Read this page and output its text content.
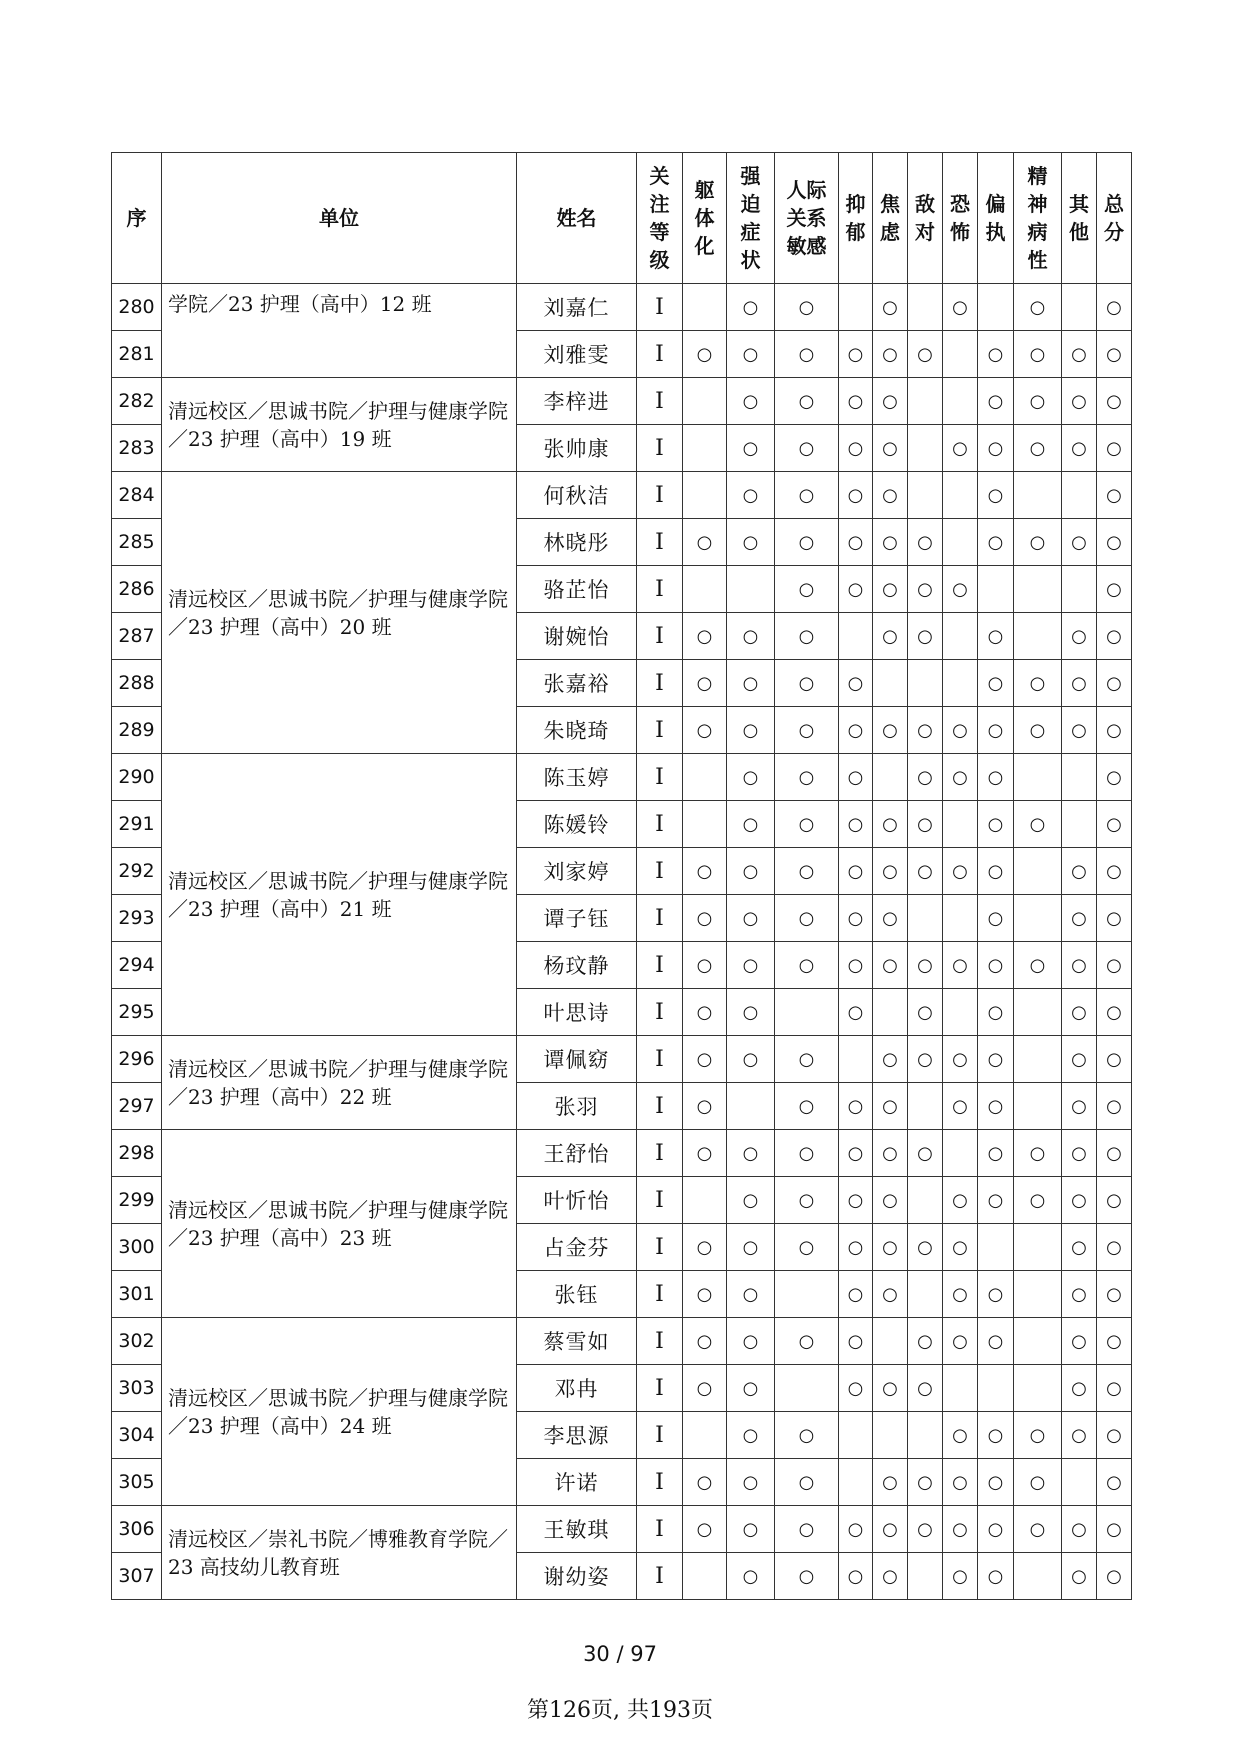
序	单位	姓名	关
注
等
级	躯
体
化	强
迫
症
状	人际
关系
敏感	抑
郁	焦
虑	敌
对	恐
怖	偏
执	精
神
病
性	其
他	总
分

280	学院／23 护理（高中）12 班	刘嘉仁	Ⅰ		○	○		○		○		○		○
281		刘雅雯	Ⅰ	○	○	○	○	○	○		○	○	○	○
282	清远校区／思诚书院／护理与健康学院／23 护理（高中）19 班	李梓进	Ⅰ		○	○	○	○			○	○	○	○
283		张帅康	Ⅰ		○	○	○	○		○	○	○	○	○
284	清远校区／思诚书院／护理与健康学院／23 护理（高中）20 班	何秋洁	Ⅰ		○	○	○	○			○			○
285		林晓彤	Ⅰ	○	○	○	○	○	○		○	○	○	○
286		骆芷怡	Ⅰ			○	○	○	○	○				○
287		谢婉怡	Ⅰ	○	○	○		○	○		○		○	○
288		张嘉裕	Ⅰ	○	○	○	○				○	○	○	○
289		朱晓琦	Ⅰ	○	○	○	○	○	○	○	○	○	○	○
290	清远校区／思诚书院／护理与健康学院／23 护理（高中）21 班	陈玉婷	Ⅰ		○	○	○		○	○	○			○
291		陈媛铃	Ⅰ		○	○	○	○	○		○	○		○
292		刘家婷	Ⅰ	○	○	○	○	○	○	○	○		○	○
293		谭子钰	Ⅰ	○	○	○	○	○			○		○	○
294		杨玟静	Ⅰ	○	○	○	○	○	○	○	○	○	○	○
295		叶思诗	Ⅰ	○	○		○		○		○		○	○
296	清远校区／思诚书院／护理与健康学院／23 护理（高中）22 班	谭佩窈	Ⅰ	○	○	○		○	○	○	○		○	○
297		张羽	Ⅰ	○		○	○	○		○	○		○	○
298	清远校区／思诚书院／护理与健康学院／23 护理（高中）23 班	王舒怡	Ⅰ	○	○	○	○	○	○		○	○	○	○
299		叶忻怡	Ⅰ		○	○	○	○		○	○	○	○	○
300		占金芬	Ⅰ	○	○	○	○	○	○	○			○	○
301		张钰	Ⅰ	○	○		○	○		○	○		○	○
302	清远校区／思诚书院／护理与健康学院／23 护理（高中）24 班	蔡雪如	Ⅰ	○	○	○	○		○	○	○		○	○
303		邓冉	Ⅰ	○	○		○	○	○				○	○
304		李思源	Ⅰ		○	○				○	○	○	○	○
305		许诺	Ⅰ	○	○	○		○	○	○	○	○		○
306	清远校区／崇礼书院／博雅教育学院／23 高技幼儿教育班	王敏琪	Ⅰ	○	○	○	○	○	○	○	○	○	○	○
307		谢幼姿	Ⅰ		○	○	○	○		○	○		○	○
30 / 97
第126页, 共193页
